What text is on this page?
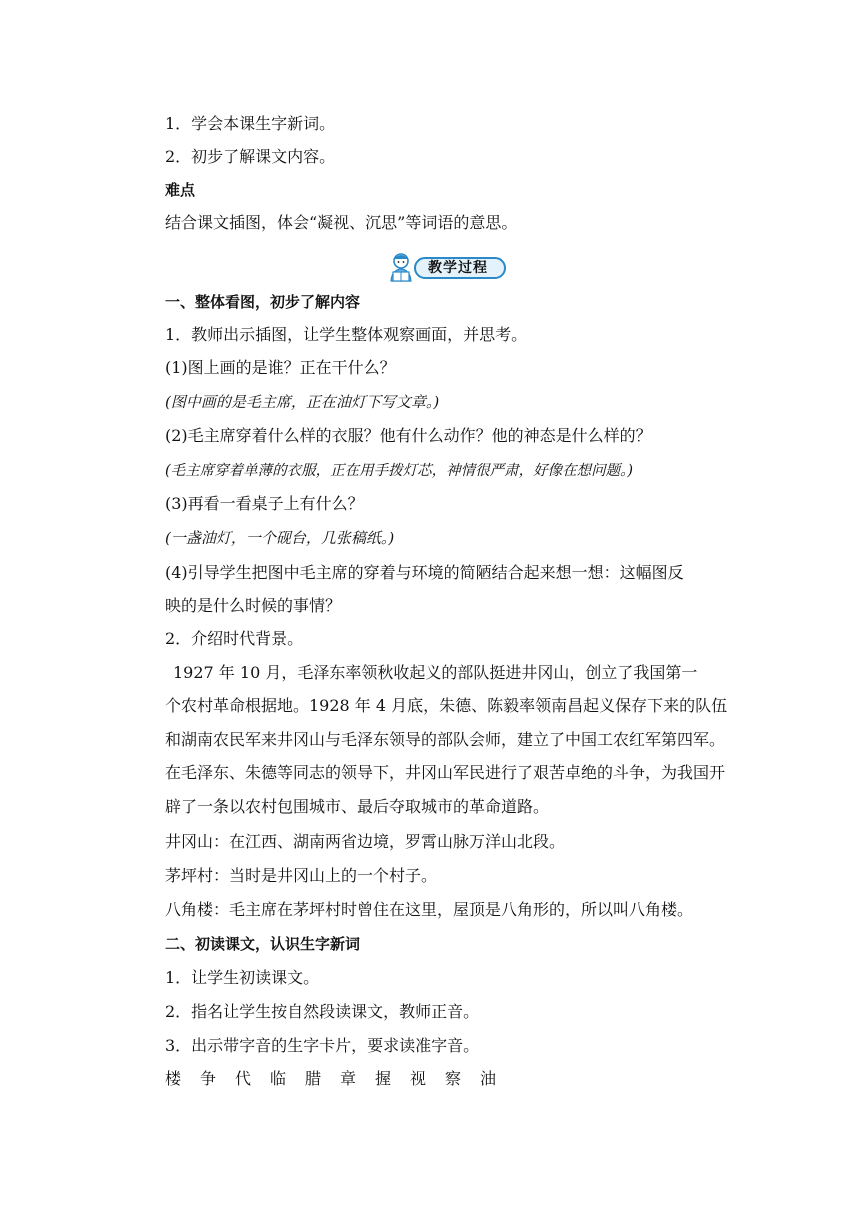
1．学会本课生字新词。
2．初步了解课文内容。
难点
结合课文插图，体会“凝视、沉思”等词语的意思。
教学过程
一、整体看图，初步了解内容
1．教师出示插图，让学生整体观察画面，并思考。
(1)图上画的是谁？正在干什么？
(图中画的是毛主席，正在油灯下写文章。)
(2)毛主席穿着什么样的衣服？他有什么动作？他的神态是什么样的？
(毛主席穿着单薄的衣服，正在用手拨灯芯，神情很严肃，好像在想问题。)
(3)再看一看桌子上有什么？
(一盏油灯，一个砚台，几张稿纸。)
(4)引导学生把图中毛主席的穿着与环境的简陋结合起来想一想：这幅图反
映的是什么时候的事情？
2．介绍时代背景。
1927 年 10 月，毛泽东率领秋收起义的部队挺进井冈山，创立了我国第一
个农村革命根据地。1928 年 4 月底，朱德、陈毅率领南昌起义保存下来的队伍
和湖南农民军来井冈山与毛泽东领导的部队会师，建立了中国工农红军第四军。
在毛泽东、朱德等同志的领导下，井冈山军民进行了艰苦卓绝的斗争，为我国开
辟了一条以农村包围城市、最后夺取城市的革命道路。
井冈山：在江西、湖南两省边境，罗霄山脉万洋山北段。
茅坪村：当时是井冈山上的一个村子。
八角楼：毛主席在茅坪村时曾住在这里，屋顶是八角形的，所以叫八角楼。
二、初读课文，认识生字新词
1．让学生初读课文。
2．指名让学生按自然段读课文，教师正音。
3．出示带字音的生字卡片，要求读准字音。
楼	争	代	临	腊	章	握	视	察	油
